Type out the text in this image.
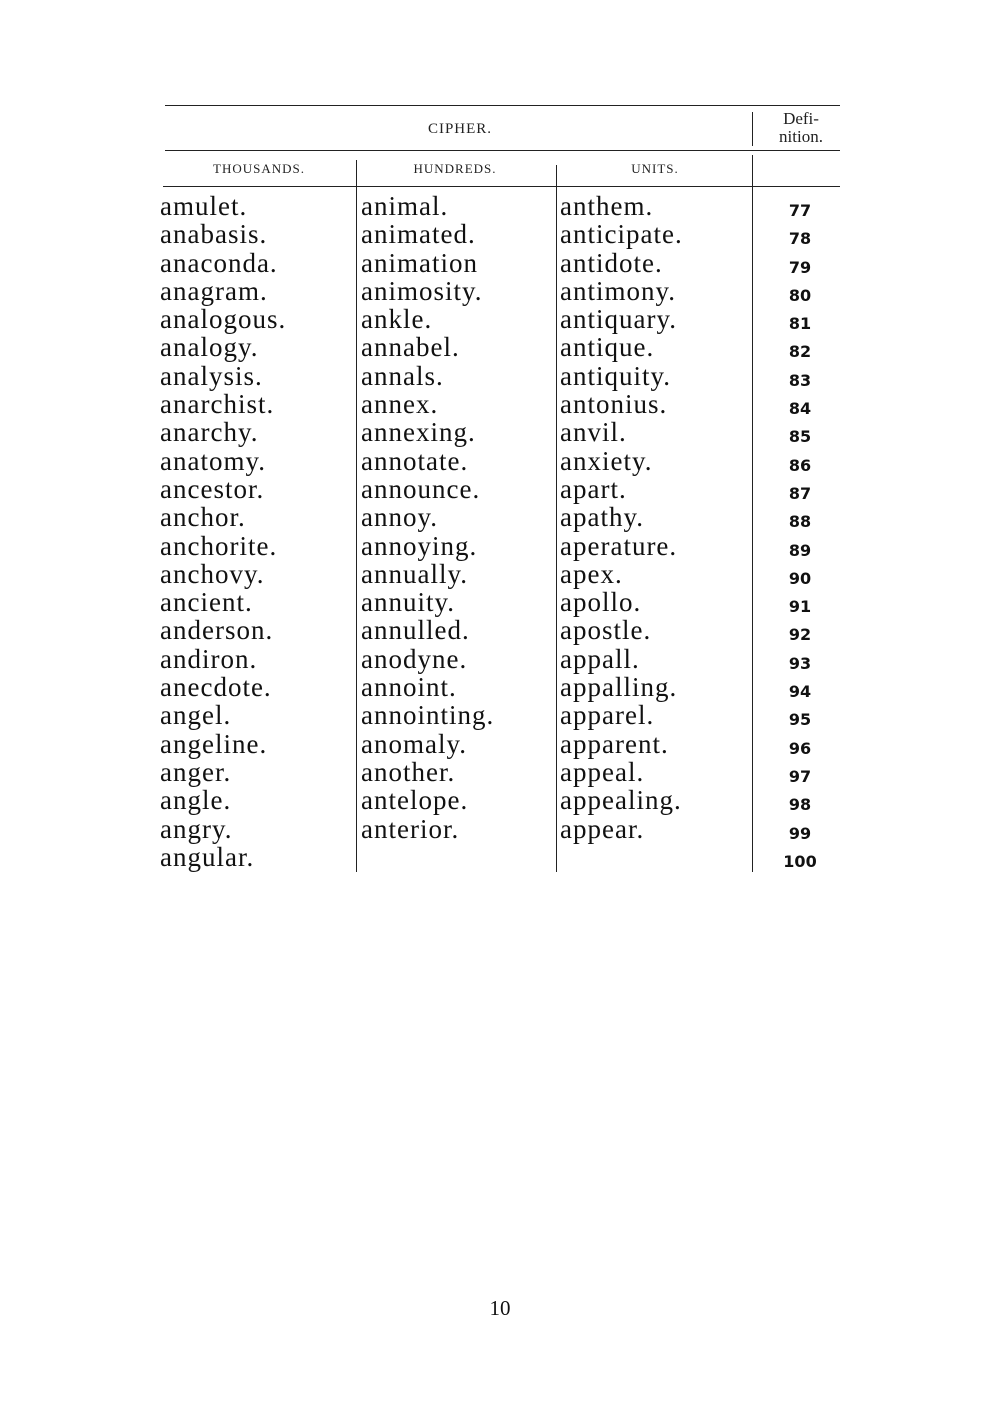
CIPHER.
Defi-
nition.
THOUSANDS.	HUNDREDS.	UNITS.
amulet.
anabasis.
anaconda.
anagram.
analogous.
analogy.
analysis.
anarchist.
anarchy.
anatomy.
ancestor.
anchor.
anchorite.
anchovy.
ancient.
anderson.
andiron.
anecdote.
angel.
angeline.
anger.
angle.
angry.
angular.
animal.
animated.
animation
animosity.
ankle.
annabel.
annals.
annex.
annexing.
annotate.
announce.
annoy.
annoying.
annually.
annuity.
annulled.
anodyne.
annoint.
annointing.
anomaly.
another.
antelope.
anterior.
anthem.
anticipate.
antidote.
antimony.
antiquary.
antique.
antiquity.
antonius.
anvil.
anxiety.
apart.
apathy.
aperature.
apex.
apollo.
apostle.
appall.
appalling.
apparel.
apparent.
appeal.
appealing.
appear.
77
78
79
80
81
82
83
84
85
86
87
88
89
90
91
92
93
94
95
96
97
98
99
100
10
